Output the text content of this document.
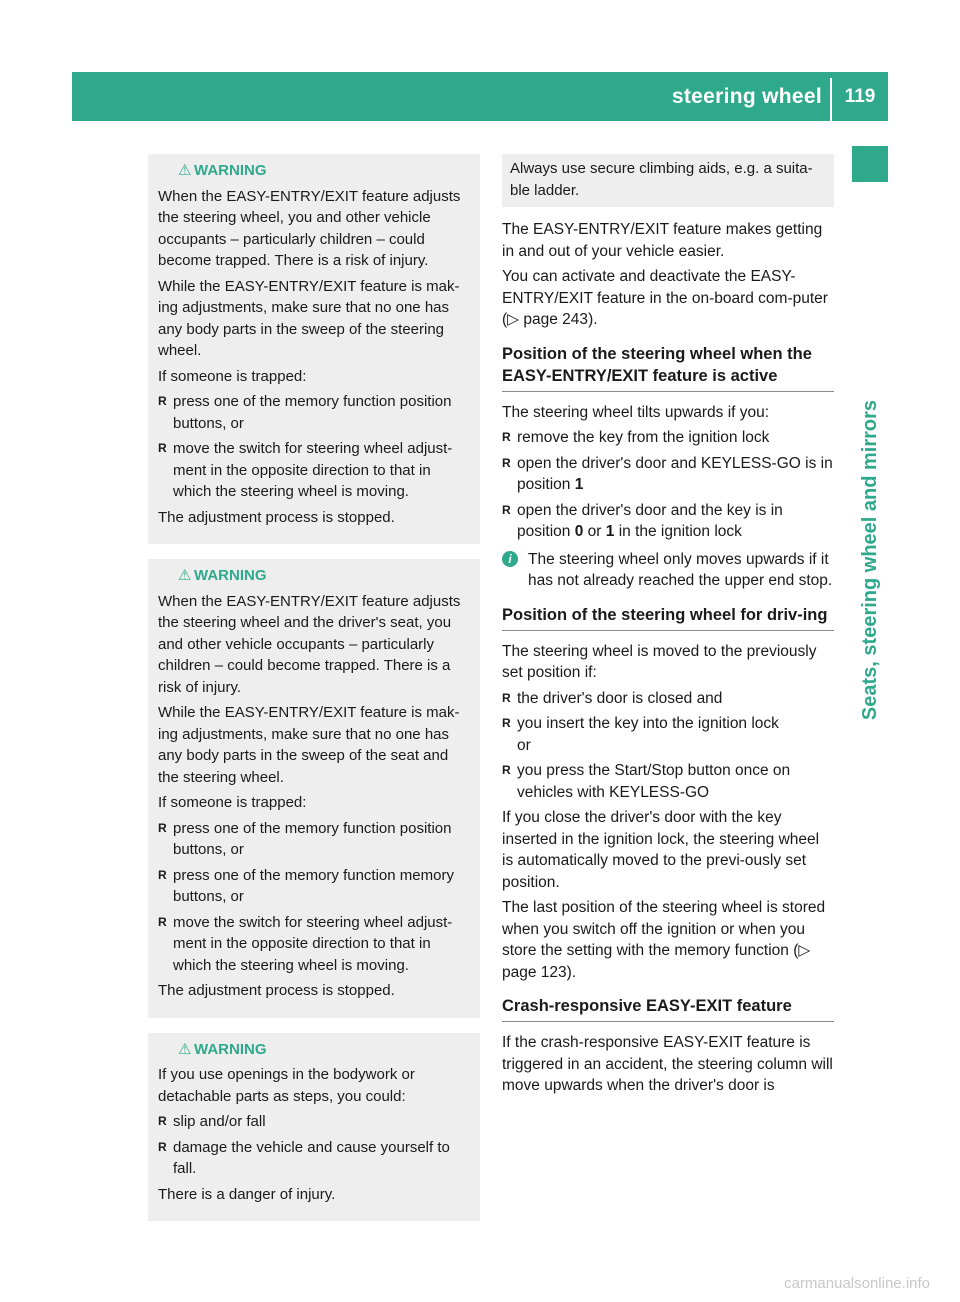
steering wheel	119
Seats, steering wheel and mirrors
⚠ WARNING

When the EASY-ENTRY/EXIT feature adjusts the steering wheel, you and other vehicle occupants – particularly children – could become trapped. There is a risk of injury.

While the EASY-ENTRY/EXIT feature is mak-ing adjustments, make sure that no one has any body parts in the sweep of the steering wheel.

If someone is trapped:

R press one of the memory function position buttons, or
R move the switch for steering wheel adjust-ment in the opposite direction to that in which the steering wheel is moving.

The adjustment process is stopped.

⚠ WARNING

When the EASY-ENTRY/EXIT feature adjusts the steering wheel and the driver's seat, you and other vehicle occupants – particularly children – could become trapped. There is a risk of injury.

While the EASY-ENTRY/EXIT feature is mak-ing adjustments, make sure that no one has any body parts in the sweep of the seat and the steering wheel.

If someone is trapped:

R press one of the memory function position buttons, or
R press one of the memory function memory buttons, or
R move the switch for steering wheel adjust-ment in the opposite direction to that in which the steering wheel is moving.

The adjustment process is stopped.

⚠ WARNING

If you use openings in the bodywork or detachable parts as steps, you could:

R slip and/or fall
R damage the vehicle and cause yourself to fall.

There is a danger of injury.

Always use secure climbing aids, e.g. a suita-ble ladder.

The EASY-ENTRY/EXIT feature makes getting in and out of your vehicle easier.

You can activate and deactivate the EASY-ENTRY/EXIT feature in the on-board com-puter (▷ page 243).

Position of the steering wheel when the EASY-ENTRY/EXIT feature is active

The steering wheel tilts upwards if you:

R remove the key from the ignition lock
R open the driver's door and KEYLESS-GO is in position 1
R open the driver's door and the key is in position 0 or 1 in the ignition lock
i	The steering wheel only moves upwards if it has not already reached the upper end stop.
Position of the steering wheel for driv-ing

The steering wheel is moved to the previously set position if:

R the driver's door is closed and
R you insert the key into the ignition lock
or
R you press the Start/Stop button once on vehicles with KEYLESS-GO

If you close the driver's door with the key inserted in the ignition lock, the steering wheel is automatically moved to the previ-ously set position.

The last position of the steering wheel is stored when you switch off the ignition or when you store the setting with the memory function (▷ page 123).

Crash-responsive EASY-EXIT feature

If the crash-responsive EASY-EXIT feature is triggered in an accident, the steering column will move upwards when the driver's door is

carmanualsonline.info
